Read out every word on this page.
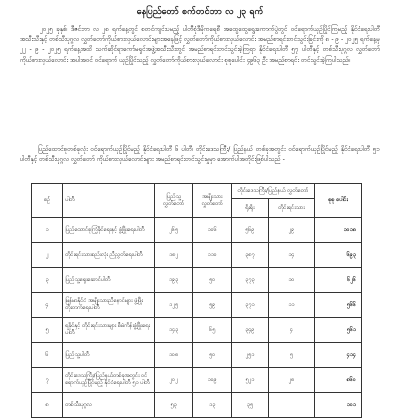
နေပြည်တော် စက်တင်ဘာ လ ၂၃ ရက်
၂၀၂၅ ခုနှစ်၊ ဒီဇင်ဘာ လ ၂၈ ရက်နေ့တွင် စတင်ကျင်းပမည့် ပါတီစုံဒီမိုကရေစီ အထွေထွေရွေးကောက်ပွဲတွင် ဝင်ရောက်ယှဉ်ပြိုင်ကြမည့် နိုင်ငံရေးပါတီအသီးသီးနှင့် တစ်သီးပုဂ္ဂလ လွှတ်တော်ကိုယ်စားလှယ်လောင်းများအနေဖြင့် လွှတ်တော်ကိုယ်စားလှယ်လောင်း အမည်စာရင်းတင်သွင်းခြင်းကို ၈ - ၉ - ၂၀၂၅ ရက်နေ့မှ ၂၂ - ၉ - ၂၀၂၅ ရက်နေ့အထိ သက်ဆိုင်ရာကော်မရှင်အဖွဲ့အသီးသီးတွင် အမည်စာရင်းတင်သွင်းခဲ့ကြရာ နိုင်ငံရေးပါတီ ၅၇ ပါတီနှင့် တစ်သီးပုဂ္ဂလ လွှတ်တော်ကိုယ်စားလှယ်လောင်း အပါအဝင် ဝင်ရောက် ယှဉ်ပြိုင်သည့် လွှတ်တော်ကိုယ်စားလှယ်လောင်း စုစုပေါင်း ၄၉၆၃ ဦး အမည်စာရင်း တင်သွင်းခဲ့ကြပါသည်။
ပြည်ထောင်စုတစ်ခုလုံး ဝင်ရောက်ယှဉ်ပြိုင်မည့် နိုင်ငံရေးပါတီ ၆ ပါတီ၊ တိုင်းဒေသကြီး/ ပြည်နယ် တစ်ခုအတွင်း ဝင်ရောက်ယှဉ်ပြိုင်မည့် နိုင်ငံရေးပါတီ ၅၁ ပါတီနှင့် တစ်သီးပုဂ္ဂလ လွှတ်တော် ကိုယ်စားလှယ်လောင်းများ အမည်စာရင်းတင်သွင်းမှုမှာ အောက်ပါအတိုင်းဖြစ်ပါသည် -
စဉ်	ပါတီ	ပြည်သူ့ လွှတ်တော်	အမျိုးသား လွှတ်တော်	တိုင်းဒေသကြီး/ပြည်နယ် လွှတ်တော်		စုစု ပေါင်း
				ရိုးရိုး	တိုင်းရင်းသား	
၁	ပြည်ထောင်စုကြံ့ခိုင်ရေးနှင့် ဖွံ့ဖြိုးရေးပါတီ	၂၆၅	၁၀၆	၅၆၉	၂၉	၁၀၁၈
၂	တိုင်းရင်းသားစည်းလုံး ညီညွတ်ရေးပါတီ	၁၈၂	၁၁၀	၃၈၇	၁၄	၆၉၃
၃	ပြည်သူ့ရှေးဆောင်ပါတီ	၁၉၃	၅၀	၃၇၃	၁၀	၆၂၆
၄	မြန်မာနိုင်ငံ အမျိုးသားညီနောင်များ ဖွံ့ဖြိုးတိုးတက်ရေးပါတီ	၁၂၅	၅၉	၃၇၁	၁၁	၅၆၆
၅	ရခိုင်နှင့် တိုင်းရင်းသားများ စီမံကိန်းဖွံ့ဖြိုးရေးပါတီ	၁၄၃	၆၅	၃၄၉	၄	၅၆၁
၆	ပြည်သူ့ပါတီ	၁၀၈	၅၀	၂၅၁	၅	၄၁၄
၇	တိုင်းဒေသကြီး/ပြည်နယ်တစ်ခုအတွင်း ဝင်ရောက်ယှဉ်ပြိုင်မည့် နိုင်ငံရေးပါတီ ၅၁ ပါတီ	၂၀၂	၁၀၉	၅၂၁	၂၈	၈၆၀
၈	တစ်သီးပုဂ္ဂလ	၅၃	၁၃	၃၅		၁၀၁
